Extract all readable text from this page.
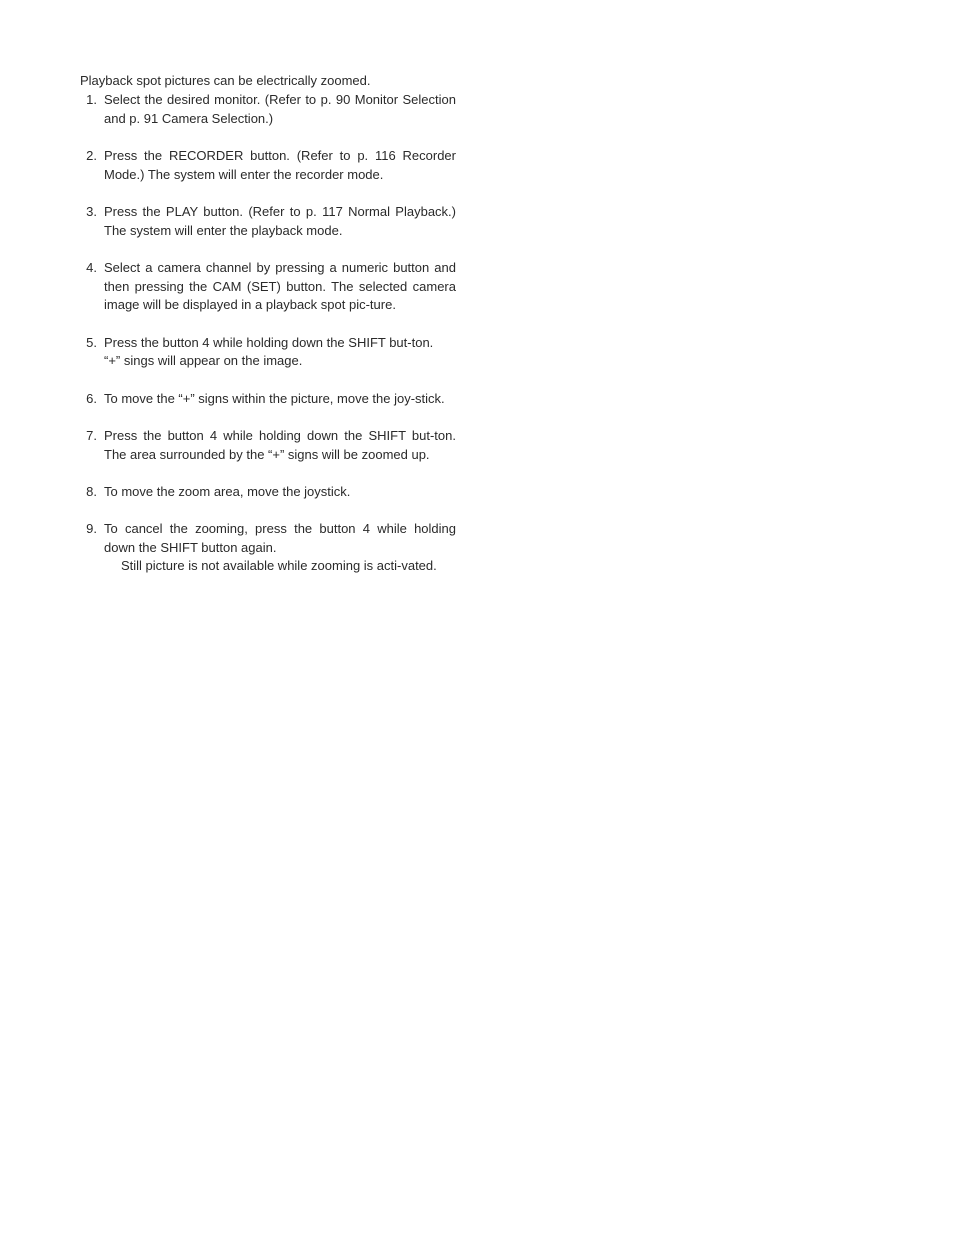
Playback spot pictures can be electrically zoomed.

1. Select the desired monitor. (Refer to p. 90 Monitor Selection and p. 91 Camera Selection.)
2. Press the RECORDER button. (Refer to p. 116 Recorder Mode.) The system will enter the recorder mode.
3. Press the PLAY button. (Refer to p. 117 Normal Playback.) The system will enter the playback mode.
4. Select a camera channel by pressing a numeric button and then pressing the CAM (SET) button. The selected camera image will be displayed in a playback spot pic-ture.
5. Press the button 4 while holding down the SHIFT but-ton.
“+” sings will appear on the image.
6. To move the “+” signs within the picture, move the joy-stick.
7. Press the button 4 while holding down the SHIFT but-ton. The area surrounded by the “+” signs will be zoomed up.
8. To move the zoom area, move the joystick.
9. To cancel the zooming, press the button 4 while holding down the SHIFT button again.
Still picture is not available while zooming is acti-vated.
